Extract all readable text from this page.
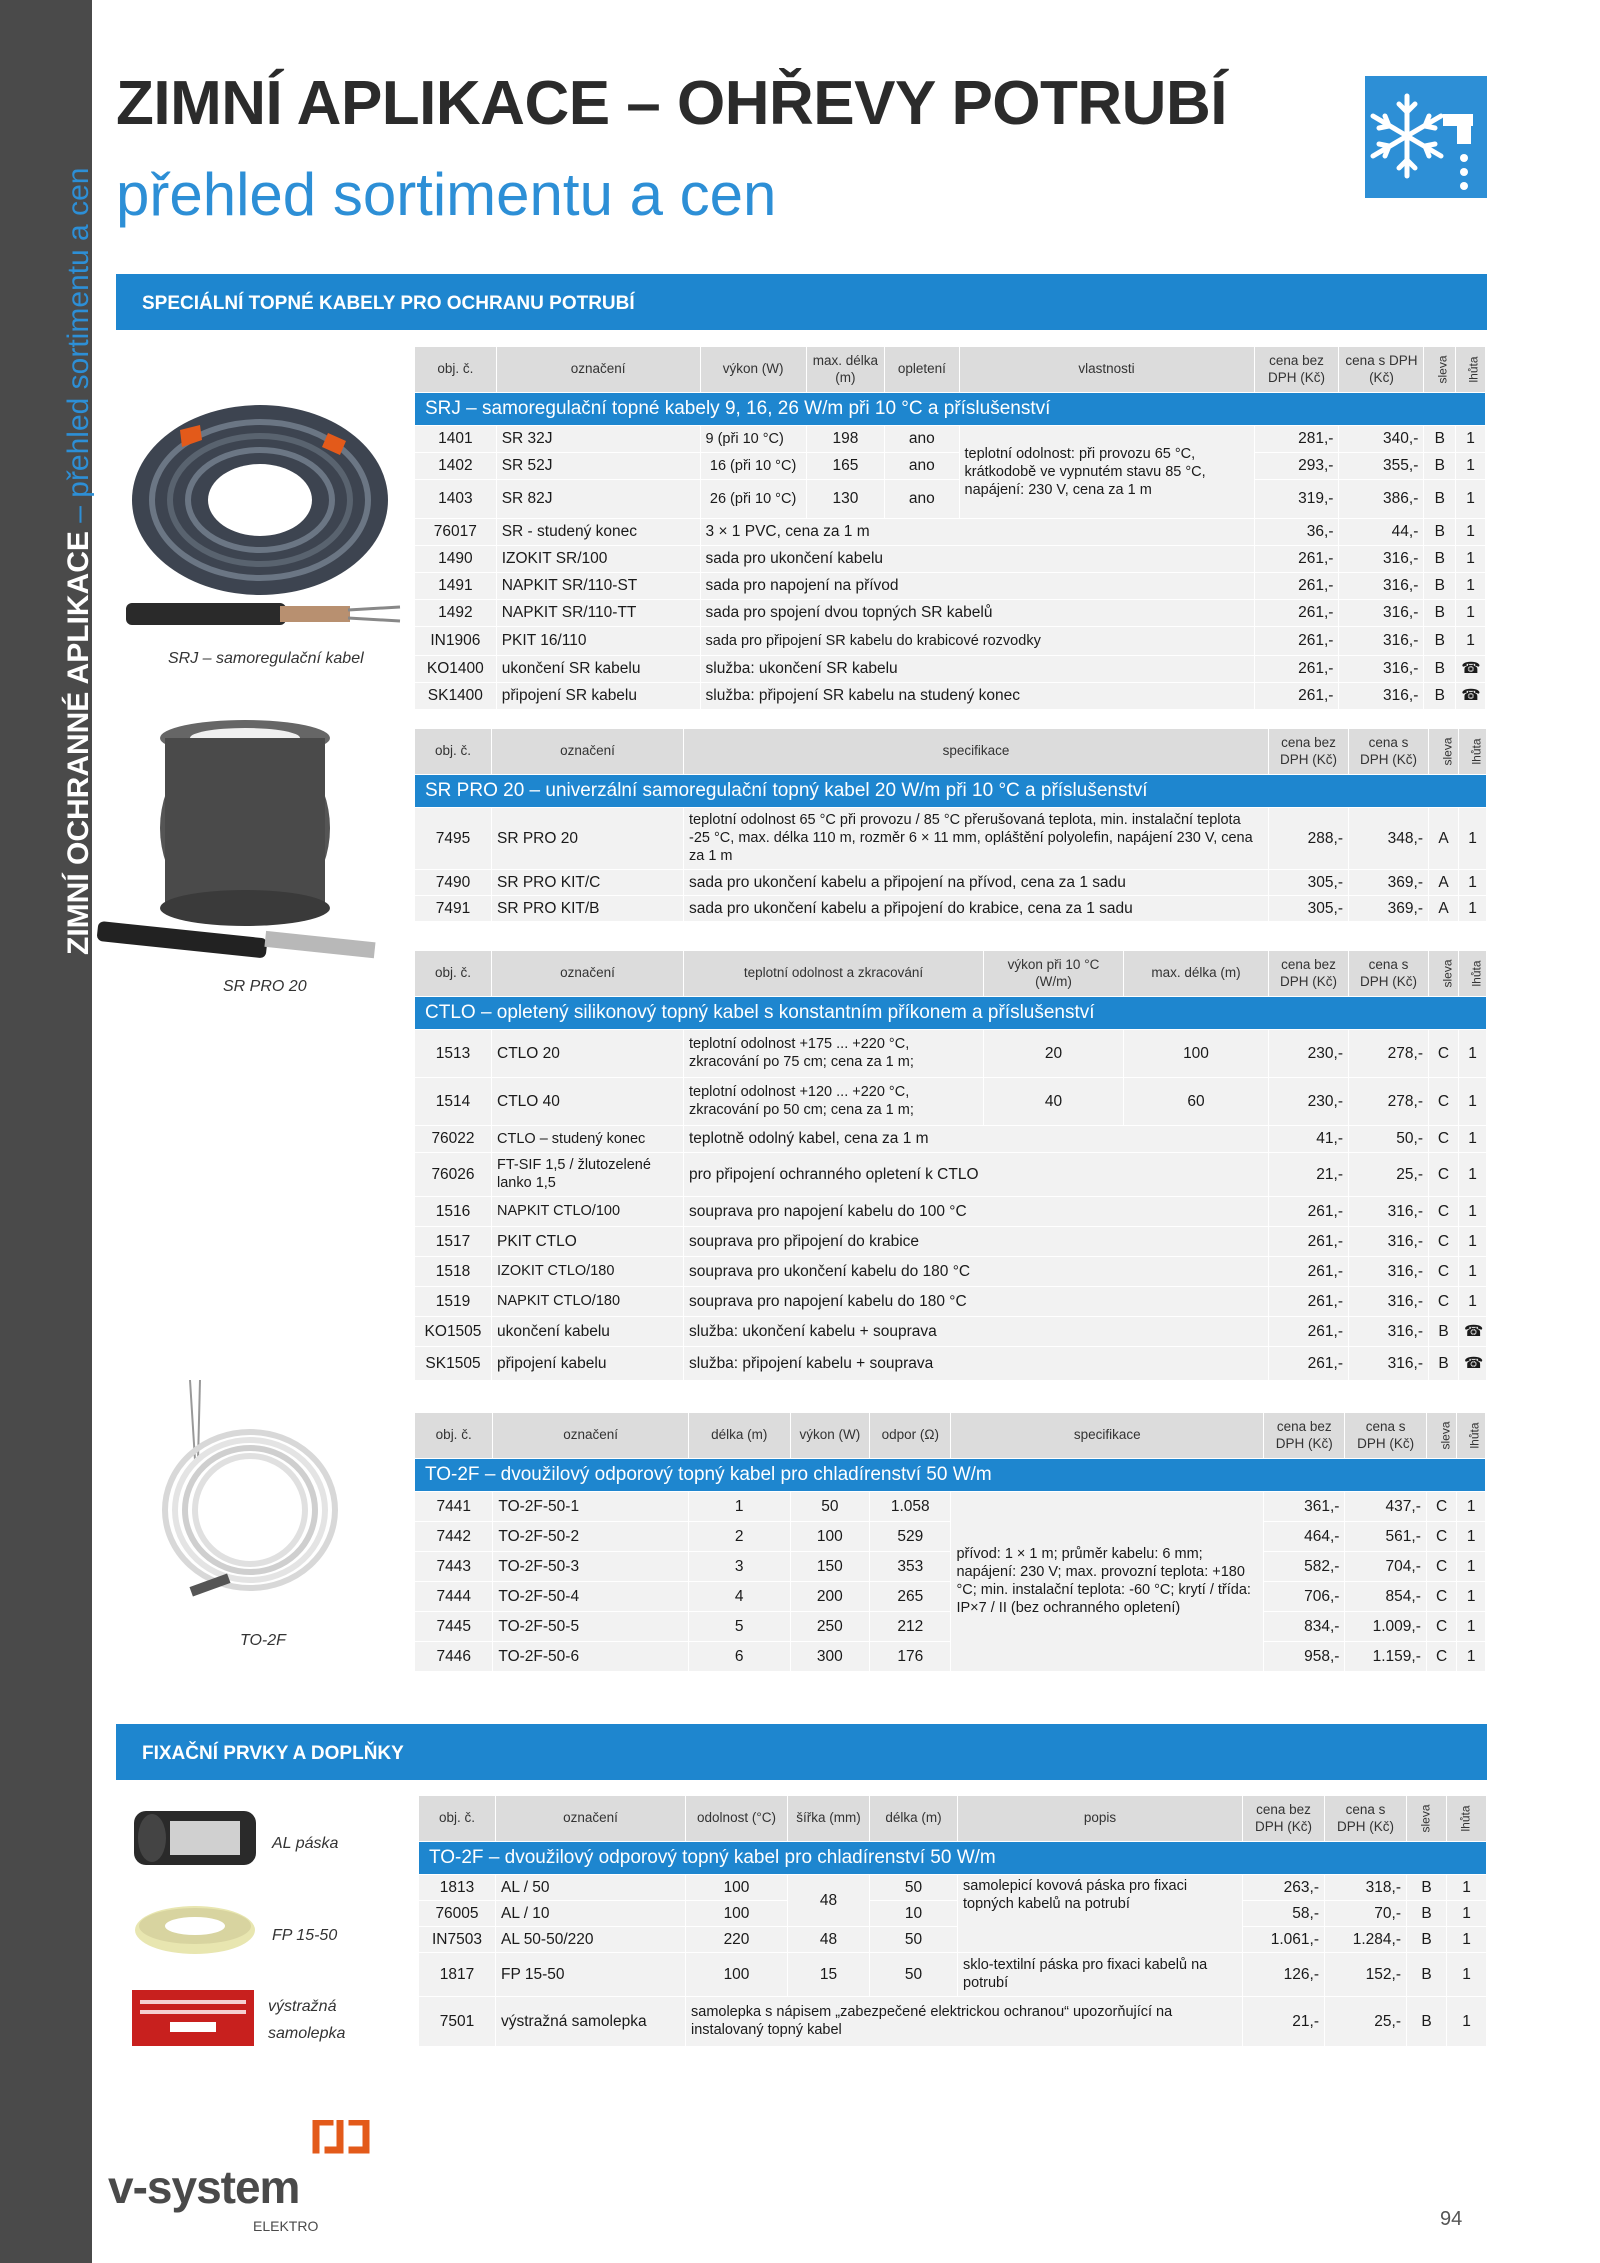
ZIMNÍ OCHRANNÉ APLIKACE – přehled sortimentu a cen
ZIMNÍ APLIKACE – OHŘEVY POTRUBÍ
přehled sortimentu a cen
SPECIÁLNÍ TOPNÉ KABELY PRO OCHRANU POTRUBÍ
SRJ – samoregulační kabel
SR PRO 20
TO-2F
obj. č.	označení	výkon (W)	max. délka (m)	opletení	vlastnosti	cena bez DPH (Kč)	cena s DPH (Kč)	sleva	lhůta
SRJ – samoregulační topné kabely 9, 16, 26 W/m při 10 °C a příslušenství									
1401	SR 32J	9 (při 10 °C)	198	ano	teplotní odolnost: při provozu 65 °C, krátkodobě ve vypnutém stavu 85 °C, napájení: 230 V, cena za 1 m	281,-	340,-	B	1
1402	SR 52J	16 (při 10 °C)	165	ano		293,-	355,-	B	1
1403	SR 82J	26 (při 10 °C)	130	ano		319,-	386,-	B	1
76017	SR - studený konec	3 × 1 PVC, cena za 1 m				36,-	44,-	B	1
1490	IZOKIT SR/100	sada pro ukončení kabelu				261,-	316,-	B	1
1491	NAPKIT SR/110-ST	sada pro napojení na přívod				261,-	316,-	B	1
1492	NAPKIT SR/110-TT	sada pro spojení dvou topných SR kabelů				261,-	316,-	B	1
IN1906	PKIT 16/110	sada pro připojení SR kabelu do krabicové rozvodky				261,-	316,-	B	1
KO1400	ukončení SR kabelu	služba: ukončení SR kabelu				261,-	316,-	B	☎
SK1400	připojení SR kabelu	služba: připojení SR kabelu na studený konec				261,-	316,-	B	☎
obj. č.	označení	specifikace	cena bez DPH (Kč)	cena s DPH (Kč)	sleva	lhůta
SR PRO 20 – univerzální samoregulační topný kabel 20 W/m při 10 °C a příslušenství						
7495	SR PRO 20	teplotní odolnost 65 °C při provozu / 85 °C přerušovaná teplota, min. instalační teplota -25 °C, max. délka 110 m, rozměr 6 × 11 mm, opláštění polyolefin, napájení 230 V, cena za 1 m	288,-	348,-	A	1
7490	SR PRO KIT/C	sada pro ukončení kabelu a připojení na přívod, cena za 1 sadu	305,-	369,-	A	1
7491	SR PRO KIT/B	sada pro ukončení kabelu a připojení do krabice, cena za 1 sadu	305,-	369,-	A	1
obj. č.	označení	teplotní odolnost a zkracování	výkon při 10 °C (W/m)	max. délka (m)	cena bez DPH (Kč)	cena s DPH (Kč)	sleva	lhůta
CTLO – opletený silikonový topný kabel s konstantním příkonem a příslušenství								
1513	CTLO 20	teplotní odolnost +175 ... +220 °C, zkracování po 75 cm; cena za 1 m;	20	100	230,-	278,-	C	1
1514	CTLO 40	teplotní odolnost +120 ... +220 °C, zkracování po 50 cm; cena za 1 m;	40	60	230,-	278,-	C	1
76022	CTLO – studený konec	teplotně odolný kabel, cena za 1 m			41,-	50,-	C	1
76026	FT-SIF 1,5 / žlutozelené lanko 1,5	pro připojení ochranného opletení k CTLO			21,-	25,-	C	1
1516	NAPKIT CTLO/100	souprava pro napojení kabelu do 100 °C			261,-	316,-	C	1
1517	PKIT CTLO	souprava pro připojení do krabice			261,-	316,-	C	1
1518	IZOKIT CTLO/180	souprava pro ukončení kabelu do 180 °C			261,-	316,-	C	1
1519	NAPKIT CTLO/180	souprava pro napojení kabelu do 180 °C			261,-	316,-	C	1
KO1505	ukončení kabelu	služba: ukončení kabelu + souprava			261,-	316,-	B	☎
SK1505	připojení kabelu	služba: připojení kabelu + souprava			261,-	316,-	B	☎
obj. č.	označení	délka (m)	výkon (W)	odpor (Ω)	specifikace	cena bez DPH (Kč)	cena s DPH (Kč)	sleva	lhůta
TO-2F – dvoužilový odporový topný kabel pro chladírenství 50 W/m									
7441	TO-2F-50-1	1	50	1.058	přívod: 1 × 1 m; průměr kabelu: 6 mm; napájení: 230 V; max. provozní teplota: +180 °C; min. instalační teplota: -60 °C; krytí / třída: IP×7 / II (bez ochranného opletení)	361,-	437,-	C	1
7442	TO-2F-50-2	2	100	529		464,-	561,-	C	1
7443	TO-2F-50-3	3	150	353		582,-	704,-	C	1
7444	TO-2F-50-4	4	200	265		706,-	854,-	C	1
7445	TO-2F-50-5	5	250	212		834,-	1.009,-	C	1
7446	TO-2F-50-6	6	300	176		958,-	1.159,-	C	1
FIXAČNÍ PRVKY A DOPLŇKY
AL páska
FP 15-50
výstražná samolepka
obj. č.	označení	odolnost (°C)	šířka (mm)	délka (m)	popis	cena bez DPH (Kč)	cena s DPH (Kč)	sleva	lhůta
TO-2F – dvoužilový odporový topný kabel pro chladírenství 50 W/m									
1813	AL / 50	100	48	50	samolepicí kovová páska pro fixaci topných kabelů na potrubí	263,-	318,-	B	1
76005	AL / 10	100		10		58,-	70,-	B	1
IN7503	AL 50-50/220	220	48	50		1.061,-	1.284,-	B	1
1817	FP 15-50	100	15	50	sklo-textilní páska pro fixaci kabelů na potrubí	126,-	152,-	B	1
7501	výstražná samolepka	samolepka s nápisem „zabezpečené elektrickou ochranou“ upozorňující na instalovaný topný kabel				21,-	25,-	B	1
v-system
ELEKTRO	94
